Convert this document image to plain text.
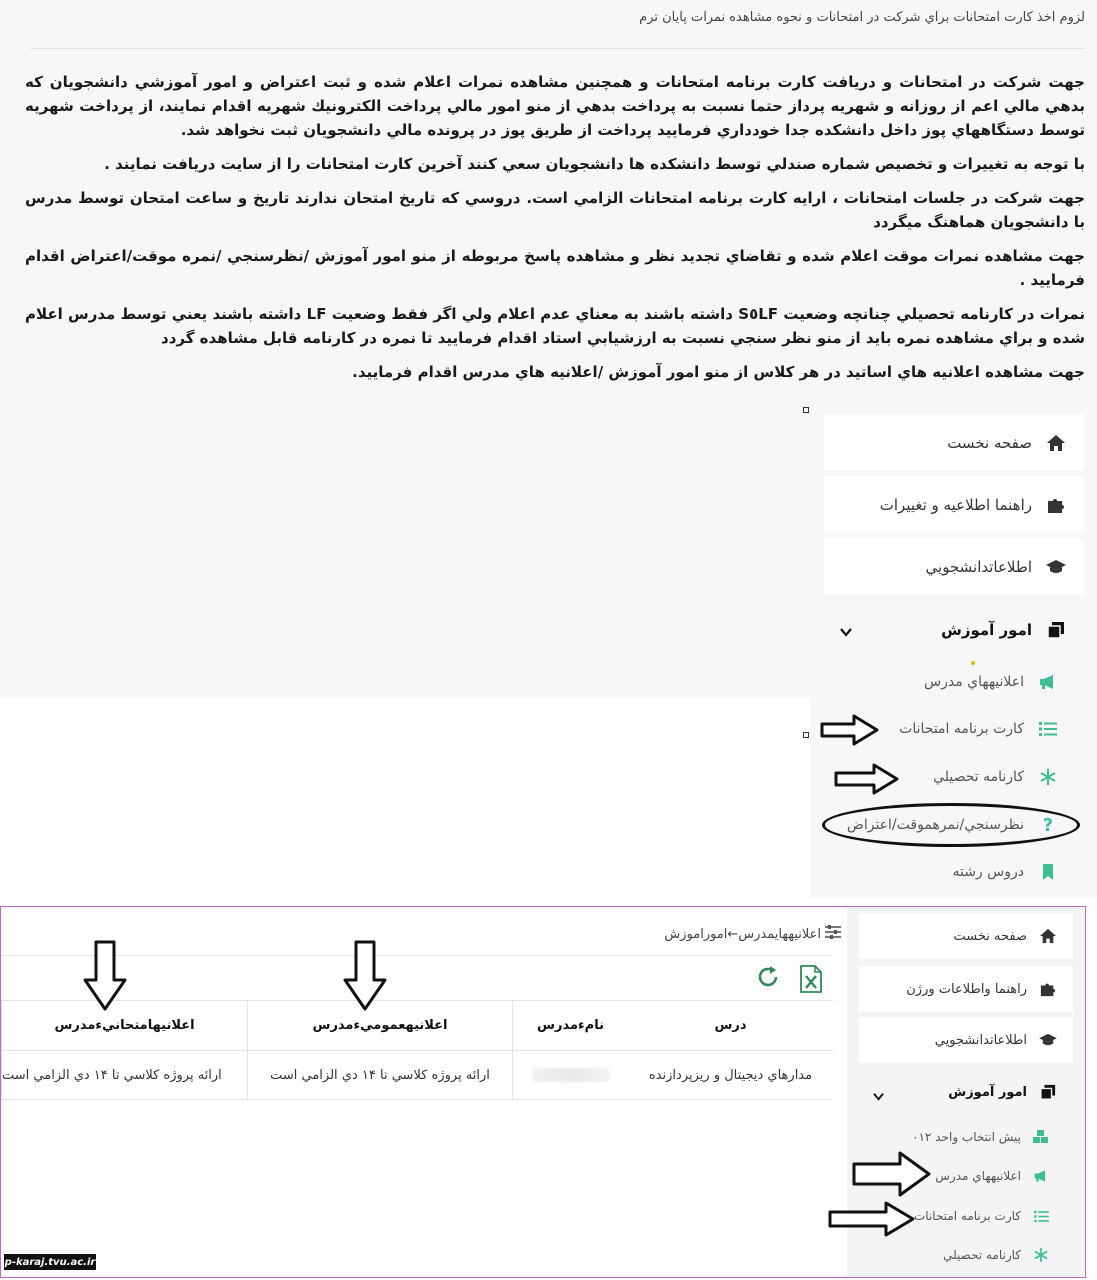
لزوم اخذ کارت امتحانات براي شرکت در امتحانات و نحوه مشاهده نمرات پايان ترم

جهت شرکت در امتحانات و دريافت کارت برنامه امتحانات و همچنين مشاهده نمرات اعلام شده و ثبت اعتراض و امور آموزشي دانشجويان که بدهي مالي اعم از روزانه و شهريه پرداز حتما نسبت به پرداخت بدهي از منو امور مالي پرداخت الکترونيك شهريه اقدام نمايند، از پرداخت شهريه توسط دستگاههاي پوز داخل دانشکده جدا خودداري فرماييد پرداخت از طريق پوز در پرونده مالي دانشجويان ثبت نخواهد شد.

با توجه به تغييرات و تخصيص شماره صندلي توسط دانشکده ها دانشجويان سعي کنند آخرين کارت امتحانات را از سايت دريافت نمايند .

جهت شرکت در جلسات امتحانات ، ارايه کارت برنامه امتحانات الزامي است. دروسي که تاريخ امتحان ندارند تاريخ و ساعت امتحان توسط مدرس با دانشجويان هماهنگ ميگردد

جهت مشاهده نمرات موقت اعلام شده و تقاضاي تجديد نظر و مشاهده پاسخ مربوطه از منو امور آموزش /نظرسنجي /نمره موقت/اعتراض اقدام فرماييد .

نمرات در کارنامه تحصيلي چنانچه وضعيت S٥LF داشته باشند به معناي عدم اعلام ولي اگر فقط وضعيت LF داشته باشند يعني توسط مدرس اعلام شده و براي مشاهده نمره بايد از منو نظر سنجي نسبت به ارزشيابي استاد اقدام فرماييد تا نمره در کارنامه قابل مشاهده گردد

جهت مشاهده اعلانيه هاي اساتيد در هر کلاس از منو امور آموزش /اعلانيه هاي مدرس اقدام فرماييد.

صفحه نخست
راهنما اطلاعيه و تغييرات
اطلاعاتدانشجويي
امور آموزش
اعلانيههاي مدرس
کارت برنامه امتحانات
کارنامه تحصيلي
?
نظرسنجي/نمرهموقت/اعتراض
دروس رشته
اعلانيههايمدرس←اموراموزش
درس
نامءمدرس
اعلانيهعموميءمدرس
اعلانيهامتحانيءمدرس
مدارهاي ديجيتال و ريزپردازنده
ارائه پروژه کلاسي تا ١۴ دي الزامي است
ارائه پروژه کلاسي تا ١۴ دي الزامي است
صفحه نخست
راهنما واطلاعات ورژن
اطلاعاتدانشجويي
امور آموزش
پيش انتخاب واحد ٠١٢
اعلانيههاي مدرس
کارت برنامه امتحانات
کارنامه تحصيلي
p-karaj.tvu.ac.ir
